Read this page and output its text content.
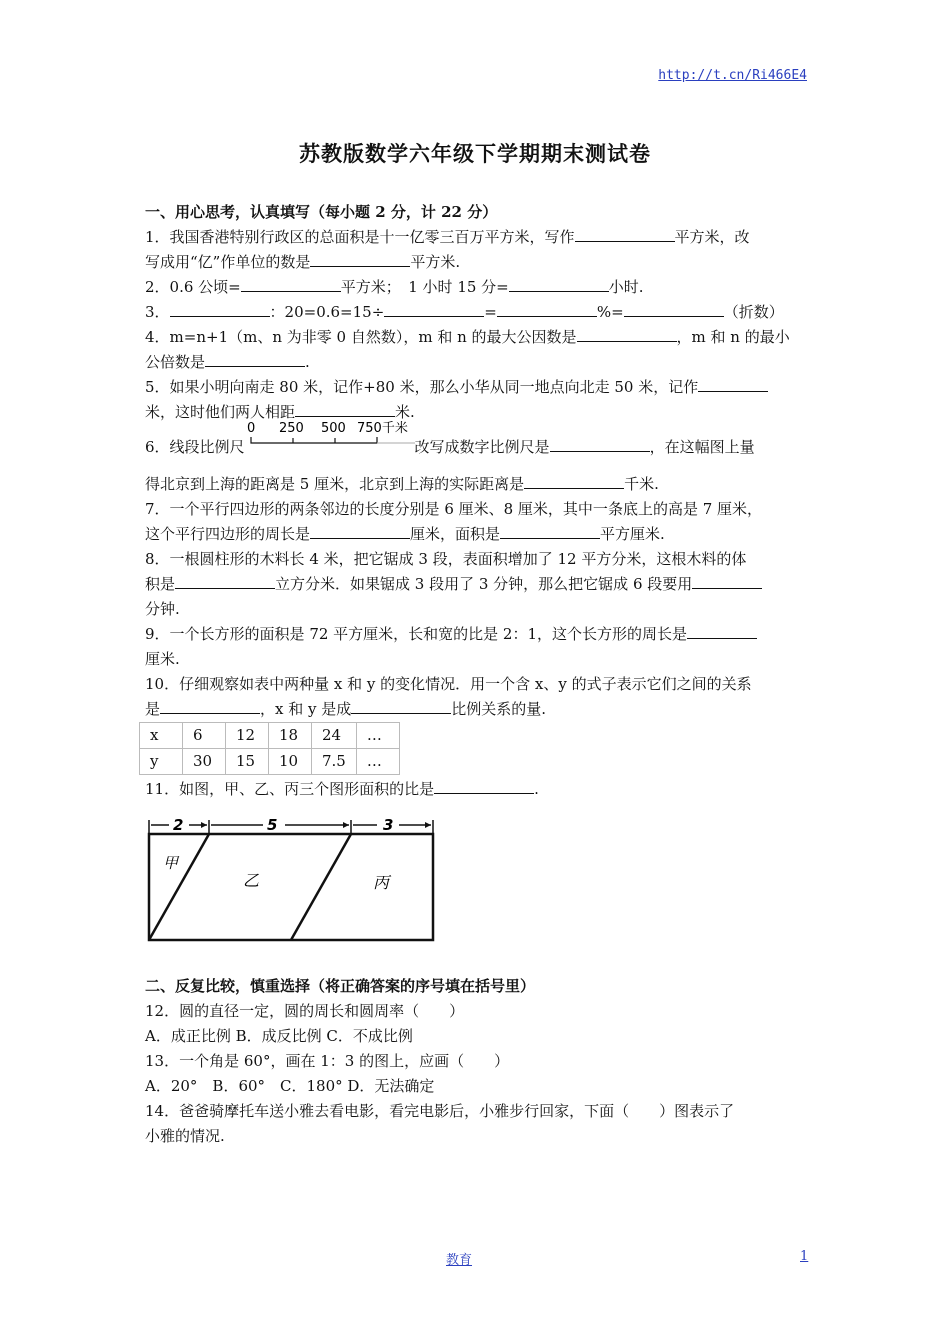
http://t.cn/Ri466E4
苏教版数学六年级下学期期末测试卷
一、用心思考，认真填写（每小题 2 分，计 22 分）
1．我国香港特别行政区的总面积是十一亿零三百万平方米，写作	平方米，改
写成用“亿”作单位的数是	平方米.
2．0.6 公顷=	平方米；　1 小时 15 分=	小时.
3．	：20=0.6=15÷	=	%=	（折数）
4．m=n+1（m、n 为非零 0 自然数），m 和 n 的最大公因数是	，m 和 n 的最小
公倍数是	.
5．如果小明向南走 80 米，记作+80 米，那么小华从同一地点向北走 50 米，记作
米，这时他们两人相距	米.
6．线段比例尺
0 250 500 750千米
改写成数字比例尺是	，在这幅图上量

得北京到上海的距离是 5 厘米，北京到上海的实际距离是	千米.
7．一个平行四边形的两条邻边的长度分别是 6 厘米、8 厘米，其中一条底上的高是 7 厘米，
这个平行四边形的周长是	厘米，面积是	平方厘米.
8．一根圆柱形的木料长 4 米，把它锯成 3 段，表面积增加了 12 平方分米，这根木料的体
积是	立方分米．如果锯成 3 段用了 3 分钟，那么把它锯成 6 段要用
分钟.
9．一个长方形的面积是 72 平方厘米，长和宽的比是 2：1，这个长方形的周长是
厘米.
10．仔细观察如表中两种量 x 和 y 的变化情况．用一个含 x、y 的式子表示它们之间的关系
是	，x 和 y 是成	比例关系的量.
x	6	12	18	24	…
y	30	15	10	7.5	…
11．如图，甲、乙、丙三个图形面积的比是	.
2	5	3
甲
乙	丙
二、反复比较，慎重选择（将正确答案的序号填在括号里）
12．圆的直径一定，圆的周长和圆周率（　　）
A．成正比例 B．成反比例 C．不成比例
13．一个角是 60°，画在 1：3 的图上，应画（　　）
A．20°　B．60°　C．180° D．无法确定
14．爸爸骑摩托车送小雅去看电影，看完电影后，小雅步行回家，下面（　　）图表示了
小雅的情况.
教育	1
